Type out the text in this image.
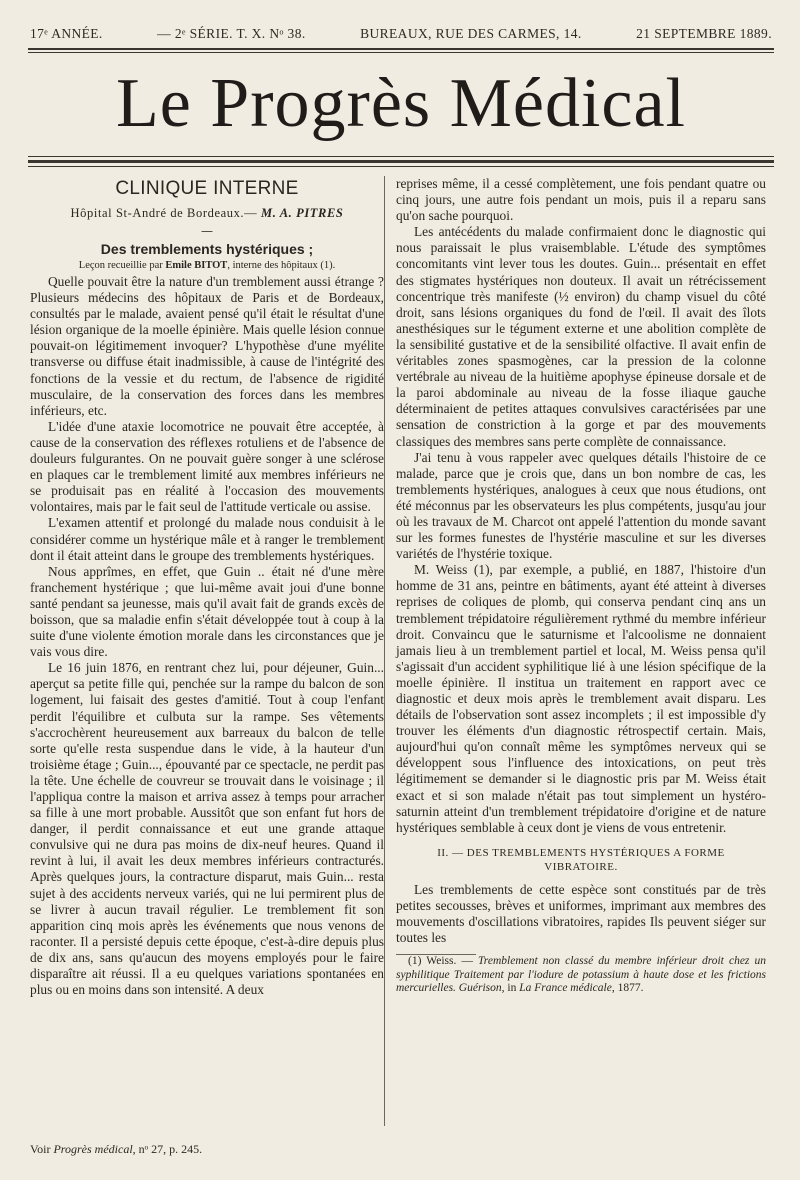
17ᵉ ANNÉE.	— 2ᵉ SÉRIE. T. X. Nᵒ 38.	BUREAUX, RUE DES CARMES, 14.	21 SEPTEMBRE 1889.
Le Progrès Médical
CLINIQUE INTERNE
Hôpital St-André de Bordeaux.— M. A. PITRES
—
Des tremblements hystériques ;
Leçon recueillie par Emile BITOT, interne des hôpitaux (1).

Quelle pouvait être la nature d'un tremblement aussi étrange ? Plusieurs médecins des hôpitaux de Paris et de Bordeaux, consultés par le malade, avaient pensé qu'il était le résultat d'une lésion organique de la moelle épinière. Mais quelle lésion connue pouvait-on légitimement invoquer? L'hypothèse d'une myélite transverse ou diffuse était inadmissible, à cause de l'intégrité des fonctions de la vessie et du rectum, de l'absence de rigidité musculaire, de la conservation des forces dans les membres inférieurs, etc.

L'idée d'une ataxie locomotrice ne pouvait être acceptée, à cause de la conservation des réflexes rotuliens et de l'absence de douleurs fulgurantes. On ne pouvait guère songer à une sclérose en plaques car le tremblement limité aux membres inférieurs ne se produisait pas en réalité à l'occasion des mouvements volontaires, mais par le fait seul de l'attitude verticale ou assise.

L'examen attentif et prolongé du malade nous conduisit à le considérer comme un hystérique mâle et à ranger le tremblement dont il était atteint dans le groupe des tremblements hystériques.

Nous apprîmes, en effet, que Guin .. était né d'une mère franchement hystérique ; que lui-même avait joui d'une bonne santé pendant sa jeunesse, mais qu'il avait fait de grands excès de boisson, que sa maladie enfin s'était développée tout à coup à la suite d'une violente émotion morale dans les circonstances que je vais vous dire.

Le 16 juin 1876, en rentrant chez lui, pour déjeuner, Guin... aperçut sa petite fille qui, penchée sur la rampe du balcon de son logement, lui faisait des gestes d'amitié. Tout à coup l'enfant perdit l'équilibre et culbuta sur la rampe. Ses vêtements s'accrochèrent heureusement aux barreaux du balcon de telle sorte qu'elle resta suspendue dans le vide, à la hauteur d'un troisième étage ; Guin..., épouvanté par ce spectacle, ne perdit pas la tête. Une échelle de couvreur se trouvait dans le voisinage ; il l'appliqua contre la maison et arriva assez à temps pour arracher sa fille à une mort probable. Aussitôt que son enfant fut hors de danger, il perdit connaissance et eut une grande attaque convulsive qui ne dura pas moins de dix-neuf heures. Quand il revint à lui, il avait les deux membres inférieurs contracturés. Après quelques jours, la contracture disparut, mais Guin... resta sujet à des accidents nerveux variés, qui ne lui permirent plus de se livrer à aucun travail régulier. Le tremblement fit son apparition cinq mois après les événements que nous venons de raconter. Il a persisté depuis cette époque, c'est-à-dire depuis plus de dix ans, sans qu'aucun des moyens employés pour le faire disparaître ait réussi. Il a eu quelques variations spontanées en plus ou en moins dans son intensité. A deux

Voir Progrès médical, nᵒ 27, p. 245.

reprises même, il a cessé complètement, une fois pendant quatre ou cinq jours, une autre fois pendant un mois, puis il a reparu sans qu'on sache pourquoi.

Les antécédents du malade confirmaient donc le diagnostic qui nous paraissait le plus vraisemblable. L'étude des symptômes concomitants vint lever tous les doutes. Guin... présentait en effet des stigmates hystériques non douteux. Il avait un rétrécissement concentrique très manifeste (½ environ) du champ visuel du côté droit, sans lésions organiques du fond de l'œil. Il avait des îlots anesthésiques sur le tégument externe et une abolition complète de la sensibilité gustative et de la sensibilité olfactive. Il avait enfin de véritables zones spasmogènes, car la pression de la colonne vertébrale au niveau de la huitième apophyse épineuse dorsale et de la paroi abdominale au niveau de la fosse iliaque gauche déterminaient de petites attaques convulsives caractérisées par une sensation de constriction à la gorge et par des mouvements classiques des membres sans perte complète de connaissance.

J'ai tenu à vous rappeler avec quelques détails l'histoire de ce malade, parce que je crois que, dans un bon nombre de cas, les tremblements hystériques, analogues à ceux que nous étudions, ont été méconnus par les observateurs les plus compétents, jusqu'au jour où les travaux de M. Charcot ont appelé l'attention du monde savant sur les formes funestes de l'hystérie masculine et sur les diverses variétés de l'hystérie toxique.

M. Weiss (1), par exemple, a publié, en 1887, l'histoire d'un homme de 31 ans, peintre en bâtiments, ayant été atteint à diverses reprises de coliques de plomb, qui conserva pendant cinq ans un tremblement trépidatoire régulièrement rythmé du membre inférieur droit. Convaincu que le saturnisme et l'alcoolisme ne donnaient jamais lieu à un tremblement partiel et local, M. Weiss pensa qu'il s'agissait d'un accident syphilitique lié à une lésion spécifique de la moelle épinière. Il institua un traitement en rapport avec ce diagnostic et deux mois après le tremblement avait disparu. Les détails de l'observation sont assez incomplets ; il est impossible d'y trouver les éléments d'un diagnostic rétrospectif certain. Mais, aujourd'hui qu'on connaît même les symptômes nerveux qui se développent sous l'influence des intoxications, on peut très légitimement se demander si le diagnostic pris par M. Weiss était exact et si son malade n'était pas tout simplement un hystéro-saturnin atteint d'un tremblement trépidatoire d'origine et de nature hystériques semblable à ceux dont je viens de vous entretenir.

II. — DES TREMBLEMENTS HYSTÉRIQUES A FORME VIBRATOIRE.

Les tremblements de cette espèce sont constitués par de très petites secousses, brèves et uniformes, imprimant aux membres des mouvements d'oscillations vibratoires, rapides Ils peuvent siéger sur toutes les

(1) Weiss. — Tremblement non classé du membre inférieur droit chez un syphilitique Traitement par l'iodure de potassium à haute dose et les frictions mercurielles. Guérison, in La France médicale, 1877.
